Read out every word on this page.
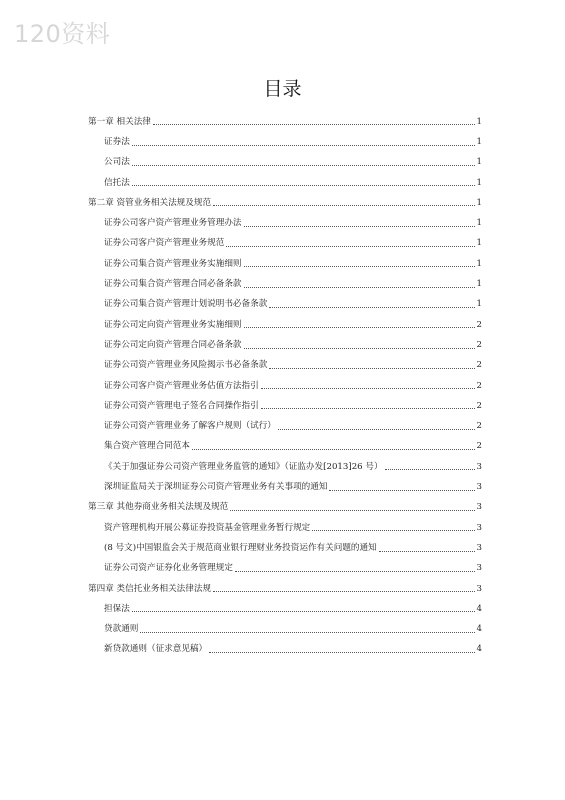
120资料
目录
第一章 相关法律	1
证券法	1
公司法	1
信托法	1
第二章 资管业务相关法规及规范	1
证券公司客户资产管理业务管理办法	1
证券公司客户资产管理业务规范	1
证券公司集合资产管理业务实施细则	1
证券公司集合资产管理合同必备条款	1
证券公司集合资产管理计划说明书必备条款	1
证券公司定向资产管理业务实施细则	2
证券公司定向资产管理合同必备条款	2
证券公司资产管理业务风险揭示书必备条款	2
证券公司客户资产管理业务估值方法指引	2
证券公司资产管理电子签名合同操作指引	2
证券公司资产管理业务了解客户规则（试行）	2
集合资产管理合同范本	2
《关于加强证券公司资产管理业务监管的通知》（证监办发[2013]26 号）	3
深圳证监局关于深圳证券公司资产管理业务有关事项的通知	3
第三章 其他券商业务相关法规及规范	3
资产管理机构开展公募证券投资基金管理业务暂行规定	3
(8 号文)中国银监会关于规范商业银行理财业务投资运作有关问题的通知	3
证券公司资产证券化业务管理规定	3
第四章 类信托业务相关法律法规	3
担保法	4
贷款通则	4
新贷款通则（征求意见稿）	4
